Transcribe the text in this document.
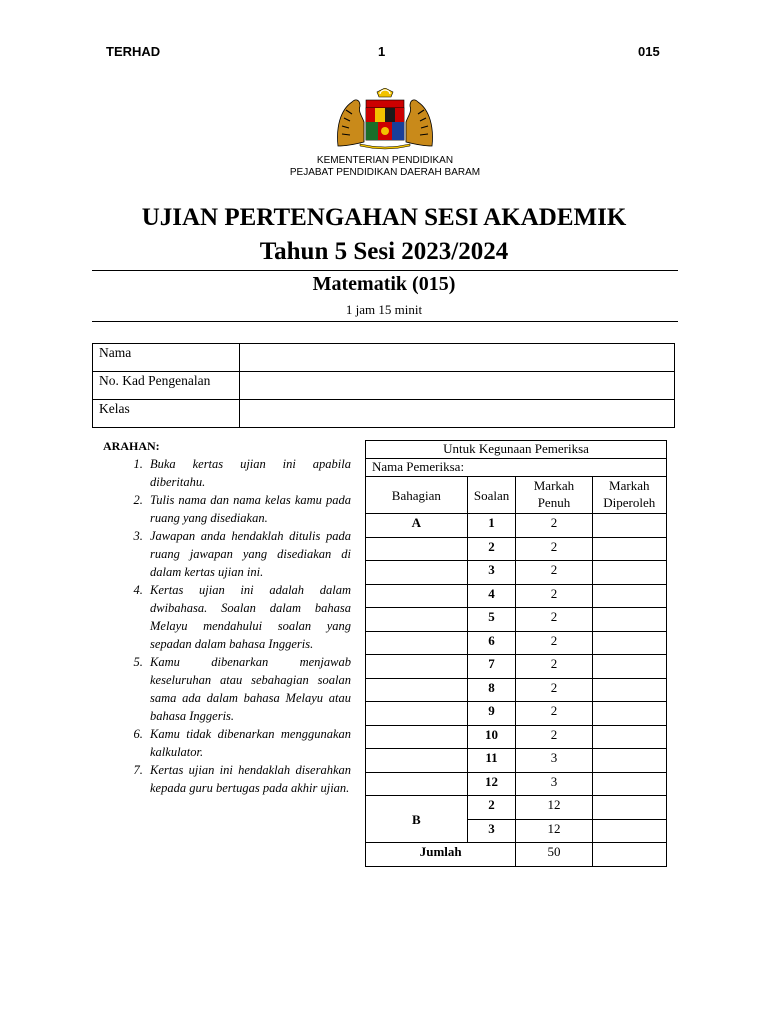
TERHAD	1	015
KEMENTERIAN PENDIDIKAN
PEJABAT PENDIDIKAN DAERAH BARAM
UJIAN PERTENGAHAN SESI AKADEMIK
Tahun 5 Sesi 2023/2024
Matematik (015)
1 jam 15 minit
Nama	
No. Kad Pengenalan	
Kelas	
ARAHAN:
1. Buka kertas ujian ini apabila diberitahu.
2. Tulis nama dan nama kelas kamu pada ruang yang disediakan.
3. Jawapan anda hendaklah ditulis pada ruang jawapan yang disediakan di dalam kertas ujian ini.
4. Kertas ujian ini adalah dalam dwibahasa. Soalan dalam bahasa Melayu mendahului soalan yang sepadan dalam bahasa Inggeris.
5. Kamu dibenarkan menjawab keseluruhan atau sebahagian soalan sama ada dalam bahasa Melayu atau bahasa Inggeris.
6. Kamu tidak dibenarkan menggunakan kalkulator.
7. Kertas ujian ini hendaklah diserahkan kepada guru bertugas pada akhir ujian.
Untuk Kegunaan Pemeriksa			
Nama Pemeriksa:			
Bahagian	Soalan	Markah Penuh	Markah Diperoleh
A	1	2	
	2	2	
	3	2	
	4	2	
	5	2	
	6	2	
	7	2	
	8	2	
	9	2	
	10	2	
	11	3	
	12	3	
B	2	12	
	3	12	
Jumlah		50	
